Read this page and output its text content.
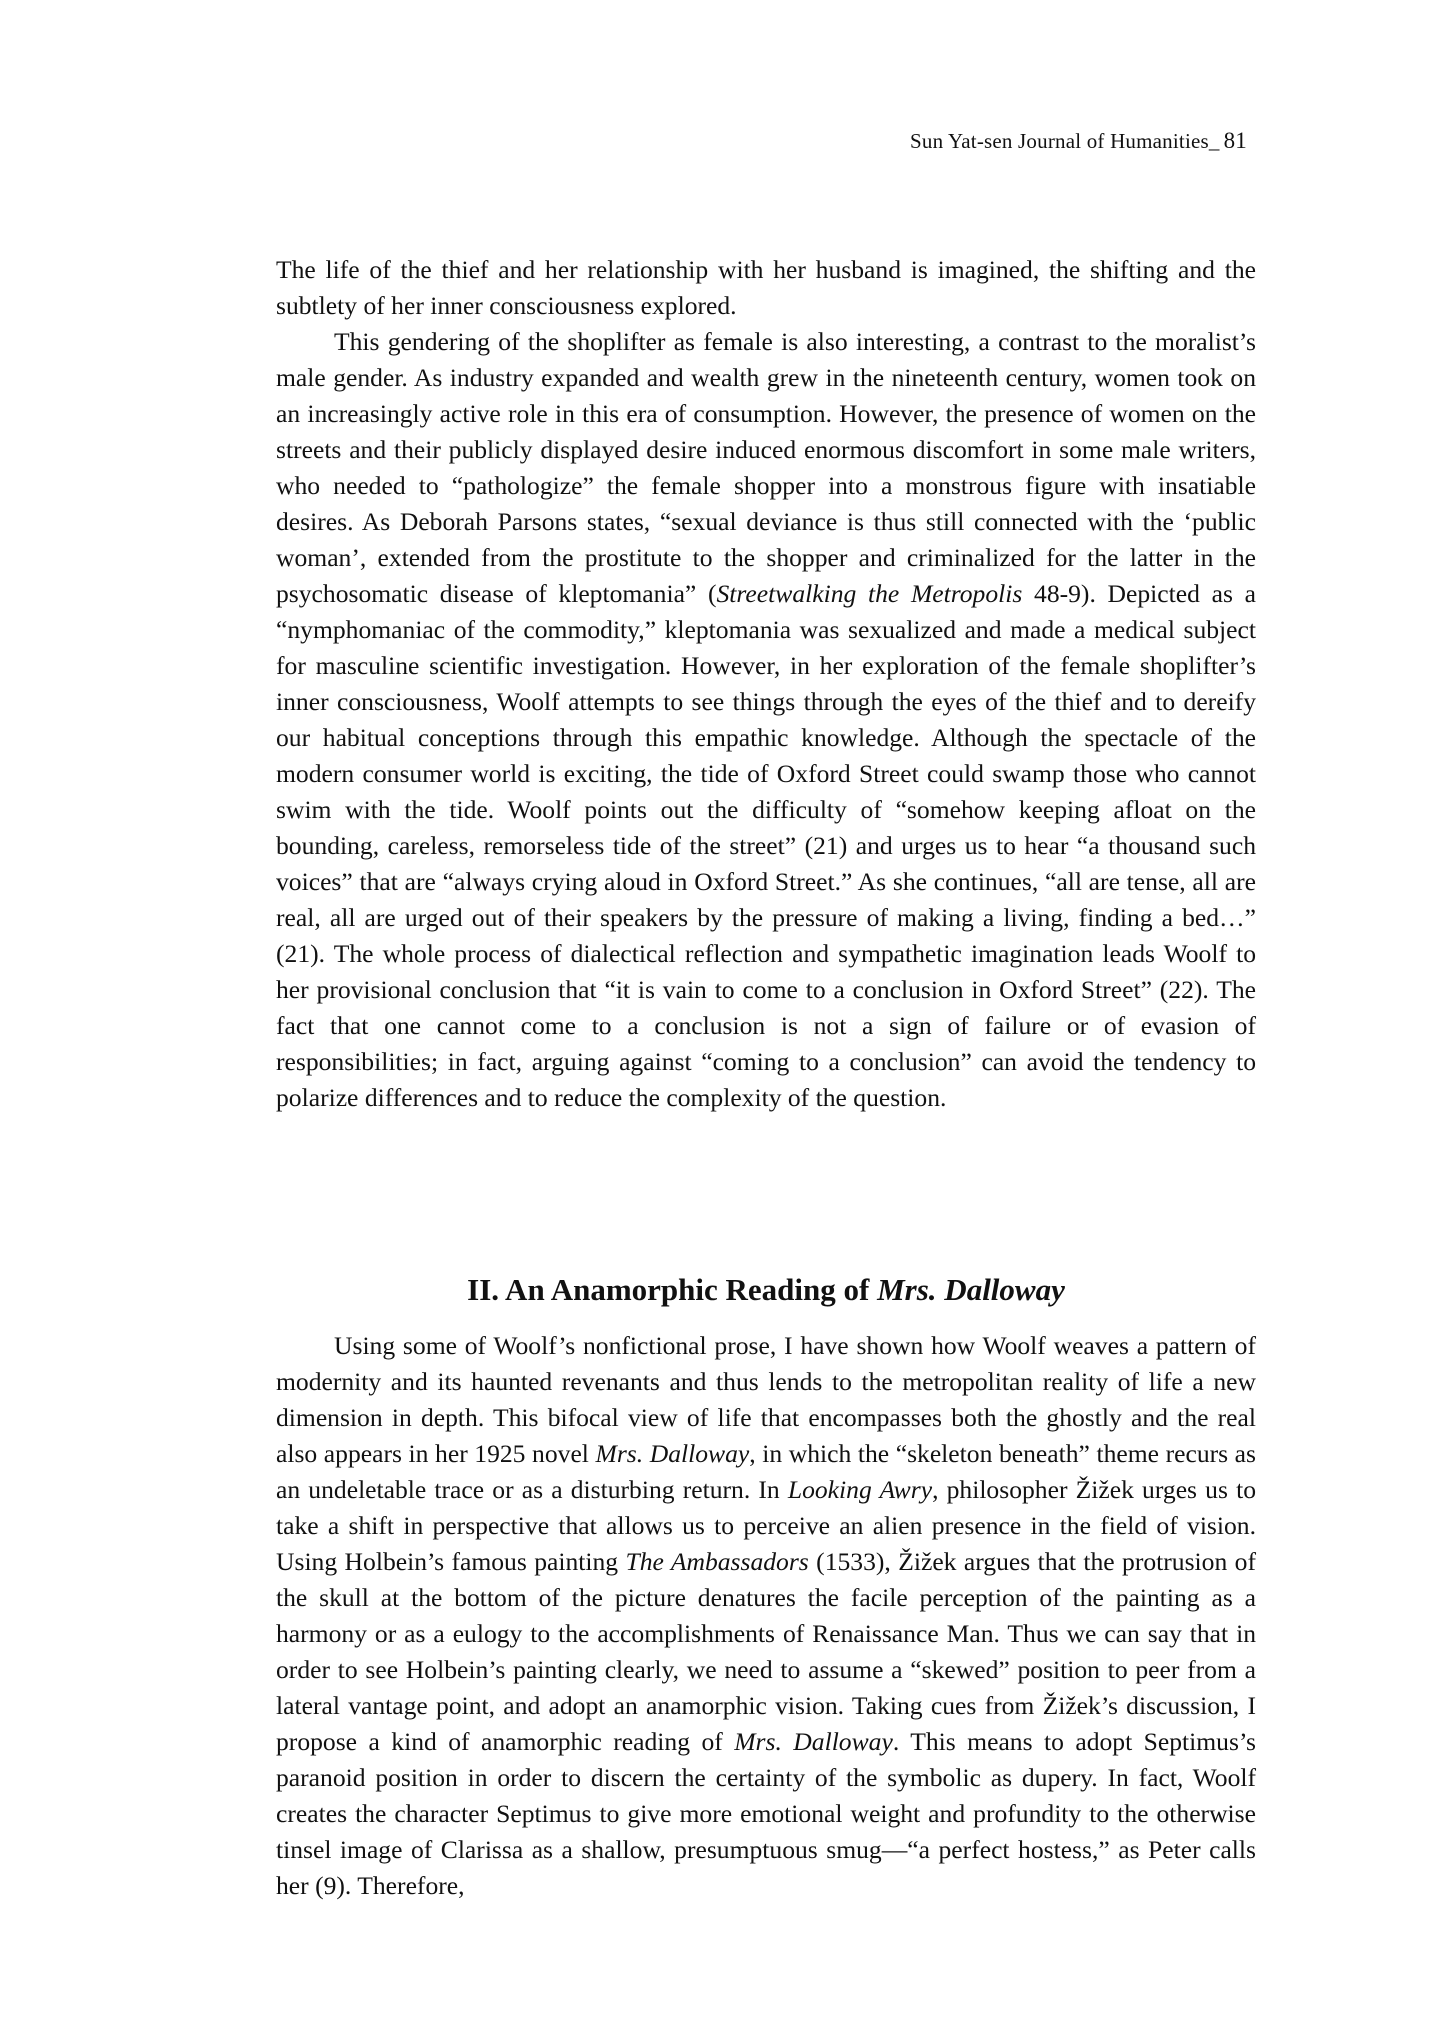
Sun Yat-sen Journal of Humanities_ 81

The life of the thief and her relationship with her husband is imagined, the shifting and the subtlety of her inner consciousness explored.

This gendering of the shoplifter as female is also interesting, a contrast to the moralist’s male gender. As industry expanded and wealth grew in the nineteenth century, women took on an increasingly active role in this era of consumption. However, the presence of women on the streets and their publicly displayed desire induced enormous discomfort in some male writers, who needed to “pathologize” the female shopper into a monstrous figure with insatiable desires. As Deborah Parsons states, “sexual deviance is thus still connected with the ‘public woman’, extended from the prostitute to the shopper and criminalized for the latter in the psychosomatic disease of kleptomania” (Streetwalking the Metropolis 48-9). Depicted as a “nymphomaniac of the commodity,” kleptomania was sexualized and made a medical subject for masculine scientific investigation. However, in her exploration of the female shoplifter’s inner consciousness, Woolf attempts to see things through the eyes of the thief and to dereify our habitual conceptions through this empathic knowledge. Although the spectacle of the modern consumer world is exciting, the tide of Oxford Street could swamp those who cannot swim with the tide. Woolf points out the difficulty of “somehow keeping afloat on the bounding, careless, remorseless tide of the street” (21) and urges us to hear “a thousand such voices” that are “always crying aloud in Oxford Street.” As she continues, “all are tense, all are real, all are urged out of their speakers by the pressure of making a living, finding a bed…” (21). The whole process of dialectical reflection and sympathetic imagination leads Woolf to her provisional conclusion that “it is vain to come to a conclusion in Oxford Street” (22). The fact that one cannot come to a conclusion is not a sign of failure or of evasion of responsibilities; in fact, arguing against “coming to a conclusion” can avoid the tendency to polarize differences and to reduce the complexity of the question.

II. An Anamorphic Reading of Mrs. Dalloway

Using some of Woolf’s nonfictional prose, I have shown how Woolf weaves a pattern of modernity and its haunted revenants and thus lends to the metropolitan reality of life a new dimension in depth. This bifocal view of life that encompasses both the ghostly and the real also appears in her 1925 novel Mrs. Dalloway, in which the “skeleton beneath” theme recurs as an undeletable trace or as a disturbing return. In Looking Awry, philosopher Žižek urges us to take a shift in perspective that allows us to perceive an alien presence in the field of vision. Using Holbein’s famous painting The Ambassadors (1533), Žižek argues that the protrusion of the skull at the bottom of the picture denatures the facile perception of the painting as a harmony or as a eulogy to the accomplishments of Renaissance Man. Thus we can say that in order to see Holbein’s painting clearly, we need to assume a “skewed” position to peer from a lateral vantage point, and adopt an anamorphic vision. Taking cues from Žižek’s discussion, I propose a kind of anamorphic reading of Mrs. Dalloway. This means to adopt Septimus’s paranoid position in order to discern the certainty of the symbolic as dupery. In fact, Woolf creates the character Septimus to give more emotional weight and profundity to the otherwise tinsel image of Clarissa as a shallow, presumptuous smug—“a perfect hostess,” as Peter calls her (9). Therefore,
